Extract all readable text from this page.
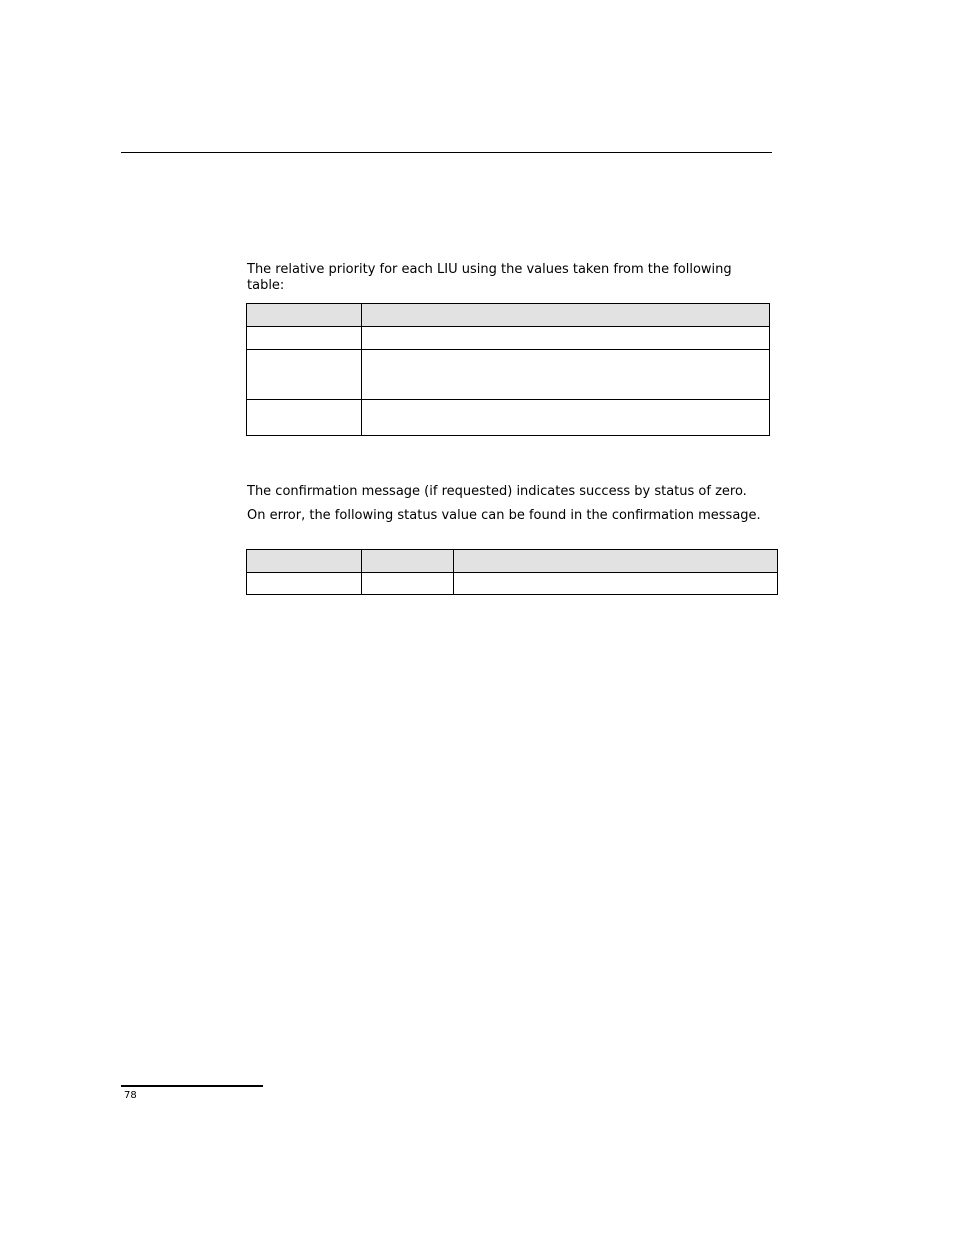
The relative priority for each LIU using the values taken from the following table:

The confirmation message (if requested) indicates success by status of zero.

On error, the following status value can be found in the confirmation message.

78
